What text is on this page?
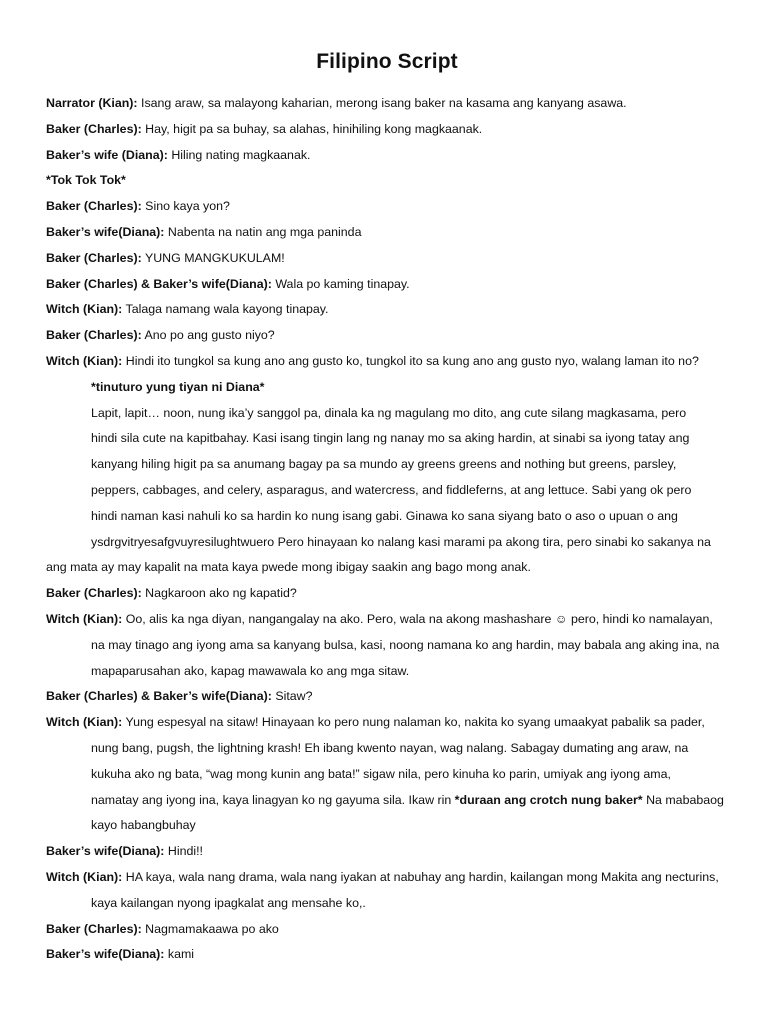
Filipino Script
Narrator (Kian): Isang araw, sa malayong kaharian, merong isang baker na kasama ang kanyang asawa.
Baker (Charles): Hay, higit pa sa buhay, sa alahas, hinihiling kong magkaanak.
Baker’s wife (Diana): Hiling nating magkaanak.
*Tok Tok Tok*
Baker (Charles): Sino kaya yon?
Baker’s wife(Diana): Nabenta na natin ang mga paninda
Baker (Charles): YUNG MANGKUKULAM!
Baker (Charles) & Baker’s wife(Diana): Wala po kaming tinapay.
Witch (Kian): Talaga namang wala kayong tinapay.
Baker (Charles): Ano po ang gusto niyo?
Witch (Kian): Hindi ito tungkol sa kung ano ang gusto ko, tungkol ito sa kung ano ang gusto nyo, walang laman ito no?
*tinuturo yung tiyan ni Diana*
Lapit, lapit… noon, nung ika’y sanggol pa, dinala ka ng magulang mo dito, ang cute silang magkasama, pero
hindi sila cute na kapitbahay. Kasi isang tingin lang ng nanay mo sa aking hardin, at sinabi sa iyong tatay ang
kanyang hiling higit pa sa anumang bagay pa sa mundo ay greens greens and nothing but greens, parsley,
peppers, cabbages, and celery, asparagus, and watercress, and fiddleferns, at ang lettuce. Sabi yang ok pero
hindi naman kasi nahuli ko sa hardin ko nung isang gabi. Ginawa ko sana siyang bato o aso o upuan o ang
ysdrgvitryesafgvuyresilughtwuero Pero hinayaan ko nalang kasi marami pa akong tira, pero sinabi ko sakanya na
ang mata ay may kapalit na mata kaya pwede mong ibigay saakin ang bago mong anak.
Baker (Charles): Nagkaroon ako ng kapatid?
Witch (Kian): Oo, alis ka nga diyan, nangangalay na ako. Pero, wala na akong mashashare ☺ pero, hindi ko namalayan,
na may tinago ang iyong ama sa kanyang bulsa, kasi, noong namana ko ang hardin, may babala ang aking ina, na
mapaparusahan ako, kapag mawawala ko ang mga sitaw.
Baker (Charles) & Baker’s wife(Diana): Sitaw?
Witch (Kian): Yung espesyal na sitaw! Hinayaan ko pero nung nalaman ko, nakita ko syang umaakyat pabalik sa pader,
nung bang, pugsh, the lightning krash! Eh ibang kwento nayan, wag nalang. Sabagay dumating ang araw, na
kukuha ako ng bata, “wag mong kunin ang bata!” sigaw nila, pero kinuha ko parin, umiyak ang iyong ama,
namatay ang iyong ina, kaya linagyan ko ng gayuma sila. Ikaw rin *duraan ang crotch nung baker* Na mababaog
kayo habangbuhay
Baker’s wife(Diana): Hindi!!
Witch (Kian): HA kaya, wala nang drama, wala nang iyakan at nabuhay ang hardin, kailangan mong Makita ang necturins,
kaya kailangan nyong ipagkalat ang mensahe ko,.
Baker (Charles): Nagmamakaawa po ako
Baker’s wife(Diana): kami
